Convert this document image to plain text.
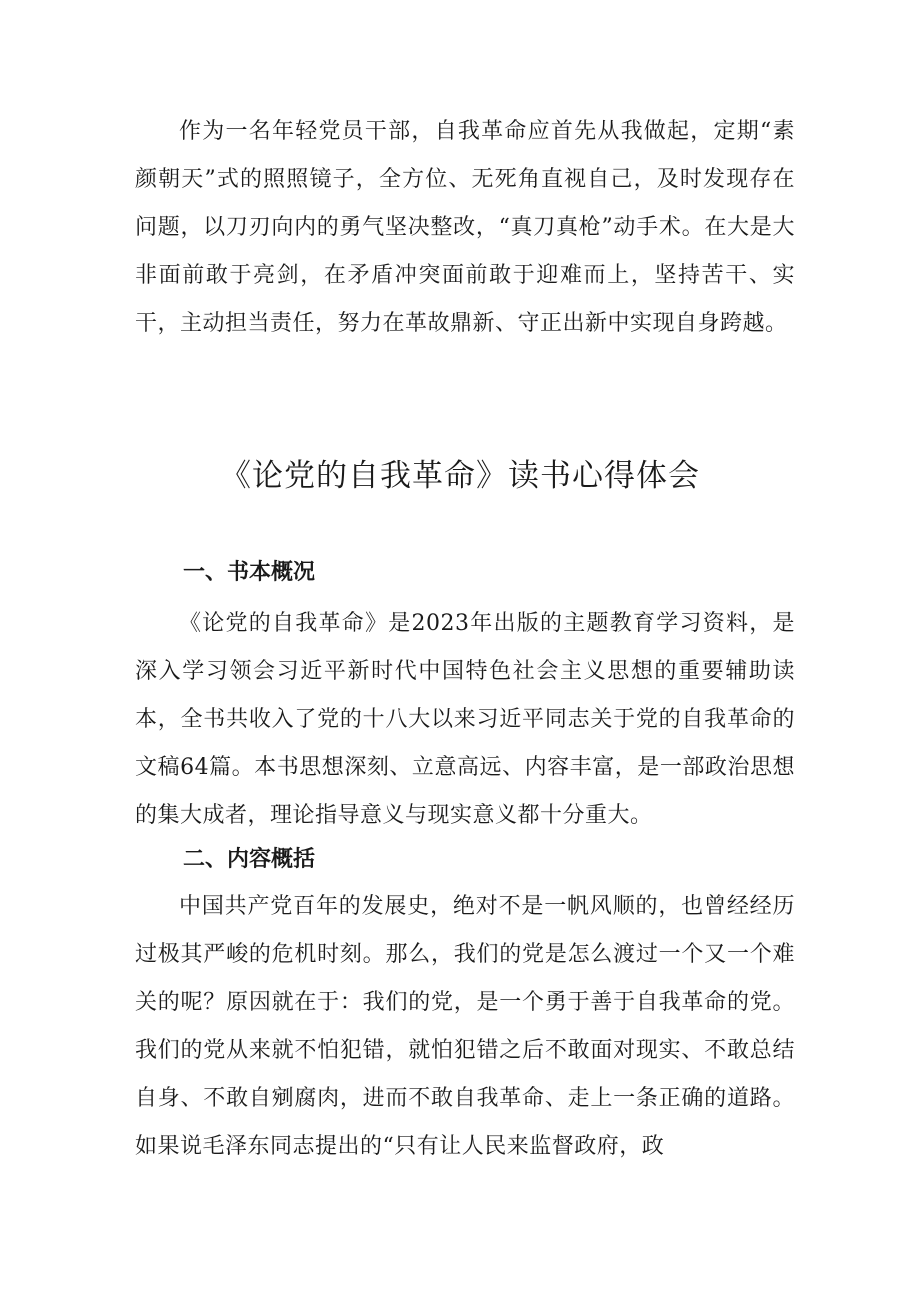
作为一名年轻党员干部，自我革命应首先从我做起，定期“素颜朝天”式的照照镜子，全方位、无死角直视自己，及时发现存在问题，以刀刃向内的勇气坚决整改，“真刀真枪”动手术。在大是大非面前敢于亮剑，在矛盾冲突面前敢于迎难而上，坚持苦干、实干，主动担当责任，努力在革故鼎新、守正出新中实现自身跨越。

《论党的自我革命》读书心得体会
一、书本概况

《论党的自我革命》是2023年出版的主题教育学习资料，是深入学习领会习近平新时代中国特色社会主义思想的重要辅助读本，全书共收入了党的十八大以来习近平同志关于党的自我革命的文稿64篇。本书思想深刻、立意高远、内容丰富，是一部政治思想的集大成者，理论指导意义与现实意义都十分重大。

二、内容概括

中国共产党百年的发展史，绝对不是一帆风顺的，也曾经经历过极其严峻的危机时刻。那么，我们的党是怎么渡过一个又一个难关的呢？原因就在于：我们的党，是一个勇于善于自我革命的党。我们的党从来就不怕犯错，就怕犯错之后不敢面对现实、不敢总结自身、不敢自剜腐肉，进而不敢自我革命、走上一条正确的道路。如果说毛泽东同志提出的“只有让人民来监督政府，政
